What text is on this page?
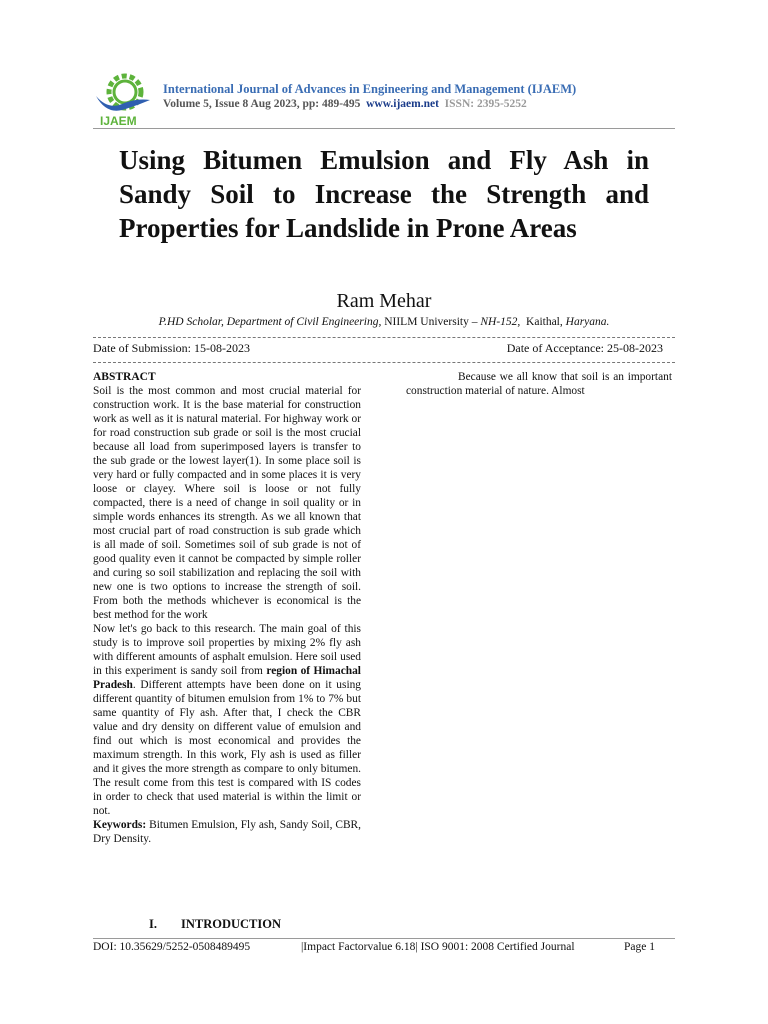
IJAEM
International Journal of Advances in Engineering and Management (IJAEM)
Volume 5, Issue 8 Aug 2023, pp: 489-495 www.ijaem.net ISSN: 2395-5252
Using Bitumen Emulsion and Fly Ash in Sandy Soil to Increase the Strength and Properties for Landslide in Prone Areas
Ram Mehar
P.HD Scholar, Department of Civil Engineering, NIILM University – NH-152, Kaithal, Haryana.
Date of Submission: 15-08-2023	Date of Acceptance: 25-08-2023
ABSTRACT

Soil is the most common and most crucial material for construction work. It is the base material for construction work as well as it is natural material. For highway work or for road construction sub grade or soil is the most crucial because all load from superimposed layers is transfer to the sub grade or the lowest layer(1). In some place soil is very hard or fully compacted and in some places it is very loose or clayey. Where soil is loose or not fully compacted, there is a need of change in soil quality or in simple words enhances its strength. As we all known that most crucial part of road construction is sub grade which is all made of soil. Sometimes soil of sub grade is not of good quality even it cannot be compacted by simple roller and curing so soil stabilization and replacing the soil with new one is two options to increase the strength of soil. From both the methods whichever is economical is the best method for the work

Now let's go back to this research. The main goal of this study is to improve soil properties by mixing 2% fly ash with different amounts of asphalt emulsion. Here soil used in this experiment is sandy soil from region of Himachal Pradesh. Different attempts have been done on it using different quantity of bitumen emulsion from 1% to 7% but same quantity of Fly ash. After that, I check the CBR value and dry density on different value of emulsion and find out which is most economical and provides the maximum strength. In this work, Fly ash is used as filler and it gives the more strength as compare to only bitumen. The result come from this test is compared with IS codes in order to check that used material is within the limit or not.

Keywords: Bitumen Emulsion, Fly ash, Sandy Soil, CBR, Dry Density.

Because we all know that soil is an important construction material of nature. Almost

I. INTRODUCTION
DOI: 10.35629/5252-0508489495	|Impact Factorvalue 6.18| ISO 9001: 2008 Certified Journal	Page 1
